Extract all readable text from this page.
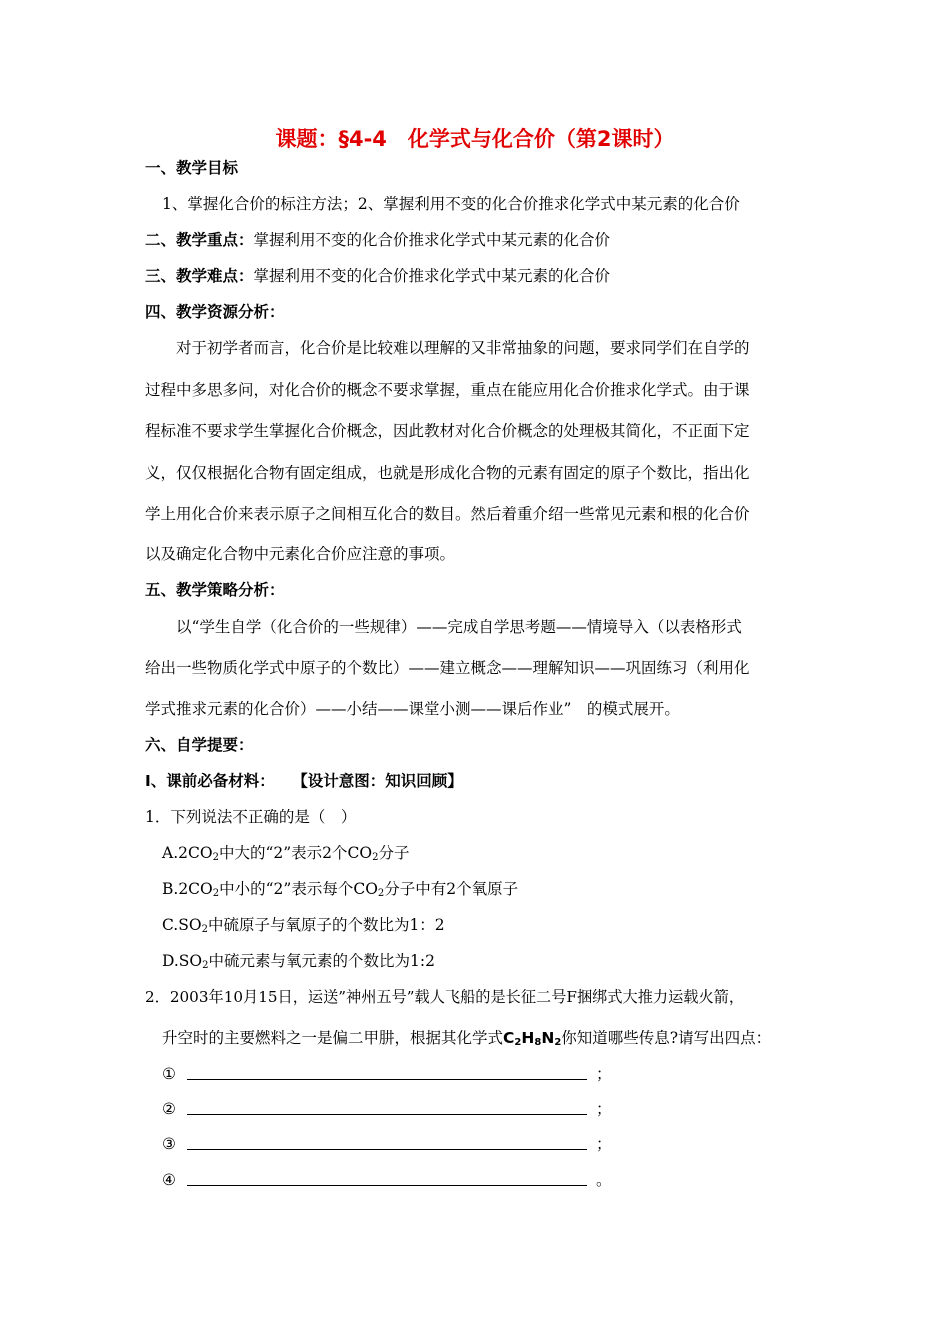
课题：§4-4　化学式与化合价（第2课时）
一、教学目标
1、掌握化合价的标注方法；2、掌握利用不变的化合价推求化学式中某元素的化合价
二、教学重点：掌握利用不变的化合价推求化学式中某元素的化合价
三、教学难点：掌握利用不变的化合价推求化学式中某元素的化合价
四、教学资源分析：
对于初学者而言，化合价是比较难以理解的又非常抽象的问题，要求同学们在自学的
过程中多思多问，对化合价的概念不要求掌握，重点在能应用化合价推求化学式。由于课
程标准不要求学生掌握化合价概念，因此教材对化合价概念的处理极其简化，不正面下定
义，仅仅根据化合物有固定组成，也就是形成化合物的元素有固定的原子个数比，指出化
学上用化合价来表示原子之间相互化合的数目。然后着重介绍一些常见元素和根的化合价
以及确定化合物中元素化合价应注意的事项。
五、教学策略分析：
以“学生自学（化合价的一些规律）——完成自学思考题——情境导入（以表格形式
给出一些物质化学式中原子的个数比）——建立概念——理解知识——巩固练习（利用化
学式推求元素的化合价）——小结——课堂小测——课后作业”　的模式展开。
六、自学提要：
Ⅰ、课前必备材料： 【设计意图：知识回顾】
1．下列说法不正确的是（　）
$A.2CO_2$中大的“2”表示2个$CO_2$分子
$B.2CO_2$中小的“2”表示每个$CO_2$分子中有2个氧原子
$C.SO_2$中硫原子与氧原子的个数比为1：2
$D.SO_2$中硫元素与氧元素的个数比为1:2
2．2003年10月15日，运送”神州五号”载人飞船的是长征二号F捆绑式大推力运载火箭，
升空时的主要燃料之一是偏二甲肼，根据其化学式$C_2H_8N_2$你知道哪些传息?请写出四点：
①	；
②	；
③	；
④	。
